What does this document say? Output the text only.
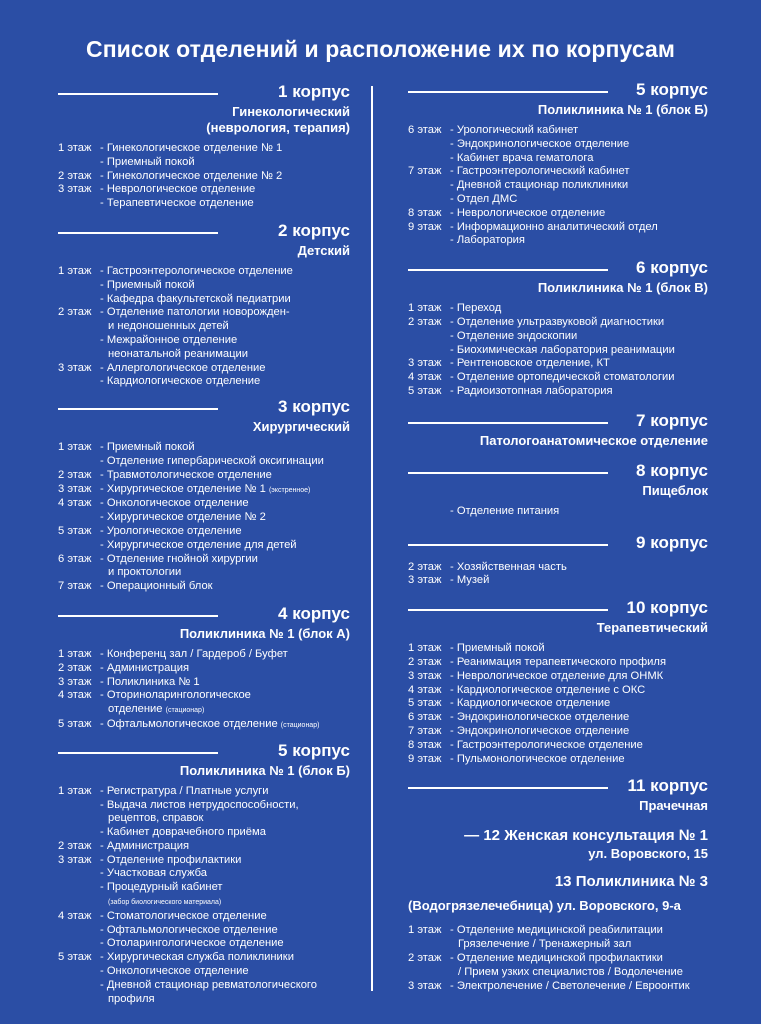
Список отделений и расположение их по корпусам
1 корпус
Гинекологический
(неврология, терапия)
1 этаж - Гинекологическое отделение № 1
- Приемный покой
2 этаж - Гинекологическое отделение № 2
3 этаж - Неврологическое отделение
- Терапевтическое отделение
2 корпус
Детский
1 этаж - Гастроэнтерологическое отделение
- Приемный покой
- Кафедра факультетской педиатрии
2 этаж - Отделение патологии новорожден-
и недоношенных детей
- Межрайонное отделение
неонатальной реанимации
3 этаж - Аллергологическое отделение
- Кардиологическое отделение
3 корпус
Хирургический
1 этаж - Приемный покой
- Отделение гипербарической оксигинации
2 этаж - Травмотологическое отделение
3 этаж - Хирургическое отделение № 1 (экстренное)
4 этаж - Онкологическое отделение
- Хирургическое отделение № 2
5 этаж - Урологическое отделение
- Хирургическое отделение для детей
6 этаж - Отделение гнойной хирургии
и проктологии
7 этаж - Операционный блок
4 корпус
Поликлиника № 1 (блок А)
1 этаж - Конференц зал / Гардероб / Буфет
2 этаж - Администрация
3 этаж - Поликлиника № 1
4 этаж - Оториноларингологическое
отделение (стационар)
5 этаж - Офтальмологическое отделение (стационар)
5 корпус
Поликлиника № 1 (блок Б)
1 этаж - Регистратура / Платные услуги
- Выдача листов нетрудоспособности,
рецептов, справок
- Кабинет доврачебного приёма
2 этаж - Администрация
3 этаж - Отделение профилактики
- Участковая служба
- Процедурный кабинет
(забор биологического материала)
4 этаж - Стоматологическое отделение
- Офтальмологическое отделение
- Отоларингологическое отделение
5 этаж - Хирургическая служба поликлиники
- Онкологическое отделение
- Дневной стационар ревматологического
профиля
5 корпус
Поликлиника № 1 (блок Б)
6 этаж - Урологический кабинет
- Эндокринологическое отделение
- Кабинет врача гематолога
7 этаж - Гастроэнтерологический кабинет
- Дневной стационар поликлиники
- Отдел ДМС
8 этаж - Неврологическое отделение
9 этаж - Информационно аналитический отдел
- Лаборатория
6 корпус
Поликлиника № 1 (блок В)
1 этаж - Переход
2 этаж - Отделение ультразвуковой диагностики
- Отделение эндоскопии
- Биохимическая лаборатория реанимации
3 этаж - Рентгеновское отделение, КТ
4 этаж - Отделение ортопедической стоматологии
5 этаж - Радиоизотопная лаборатория
7 корпус
Патологоанатомическое отделение
8 корпус
Пищеблок
- Отделение питания
9 корпус
2 этаж - Хозяйственная часть
3 этаж - Музей
10 корпус
Терапевтический
1 этаж - Приемный покой
2 этаж - Реанимация терапевтического профиля
3 этаж - Неврологическое отделение для ОНМК
4 этаж - Кардиологическое отделение с ОКС
5 этаж - Кардиологическое отделение
6 этаж - Эндокринологическое отделение
7 этаж - Эндокринологическое отделение
8 этаж - Гастроэнтерологическое отделение
9 этаж - Пульмонологическое отделение
11 корпус
Прачечная
— 12 Женская консультация № 1
ул. Воровского, 15
13 Поликлиника № 3
(Водогрязелечебница) ул. Воровского, 9-а
1 этаж - Отделение медицинской реабилитации
Грязелечение / Тренажерный зал
2 этаж - Отделение медицинской профилактики
/ Прием узких специалистов / Водолечение
3 этаж - Электролечение / Светолечение / Евроонтик
